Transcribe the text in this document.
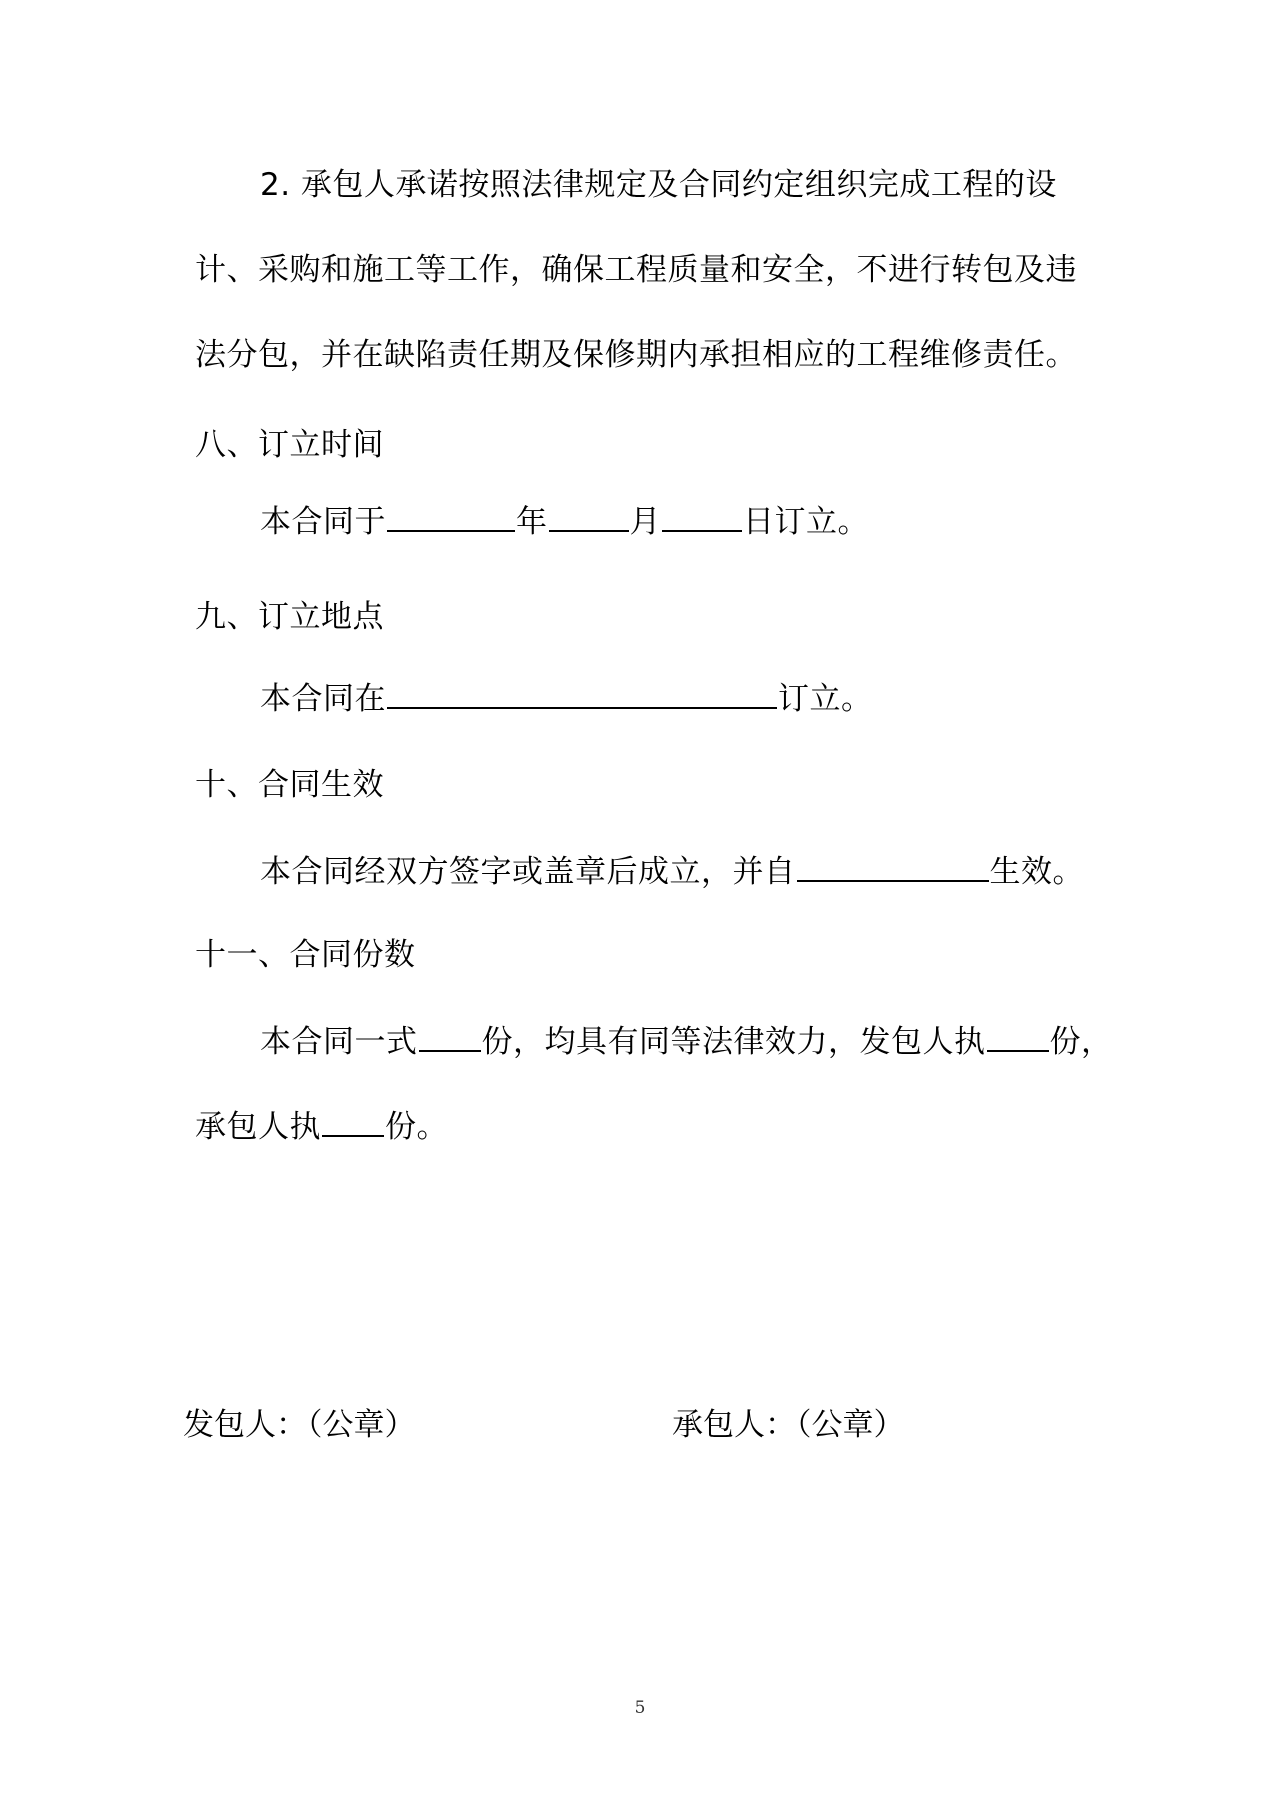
2. 承包人承诺按照法律规定及合同约定组织完成工程的设
计、采购和施工等工作，确保工程质量和安全，不进行转包及违
法分包，并在缺陷责任期及保修期内承担相应的工程维修责任。
八、订立时间
本合同于	年	月	日订立。
九、订立地点
本合同在	订立。
十、合同生效
本合同经双方签字或盖章后成立，并自	生效。
十一、合同份数
本合同一式 份，均具有同等法律效力，发包人执 份，
承包人执 份。
发包人：（公章）	承包人：（公章）
5
